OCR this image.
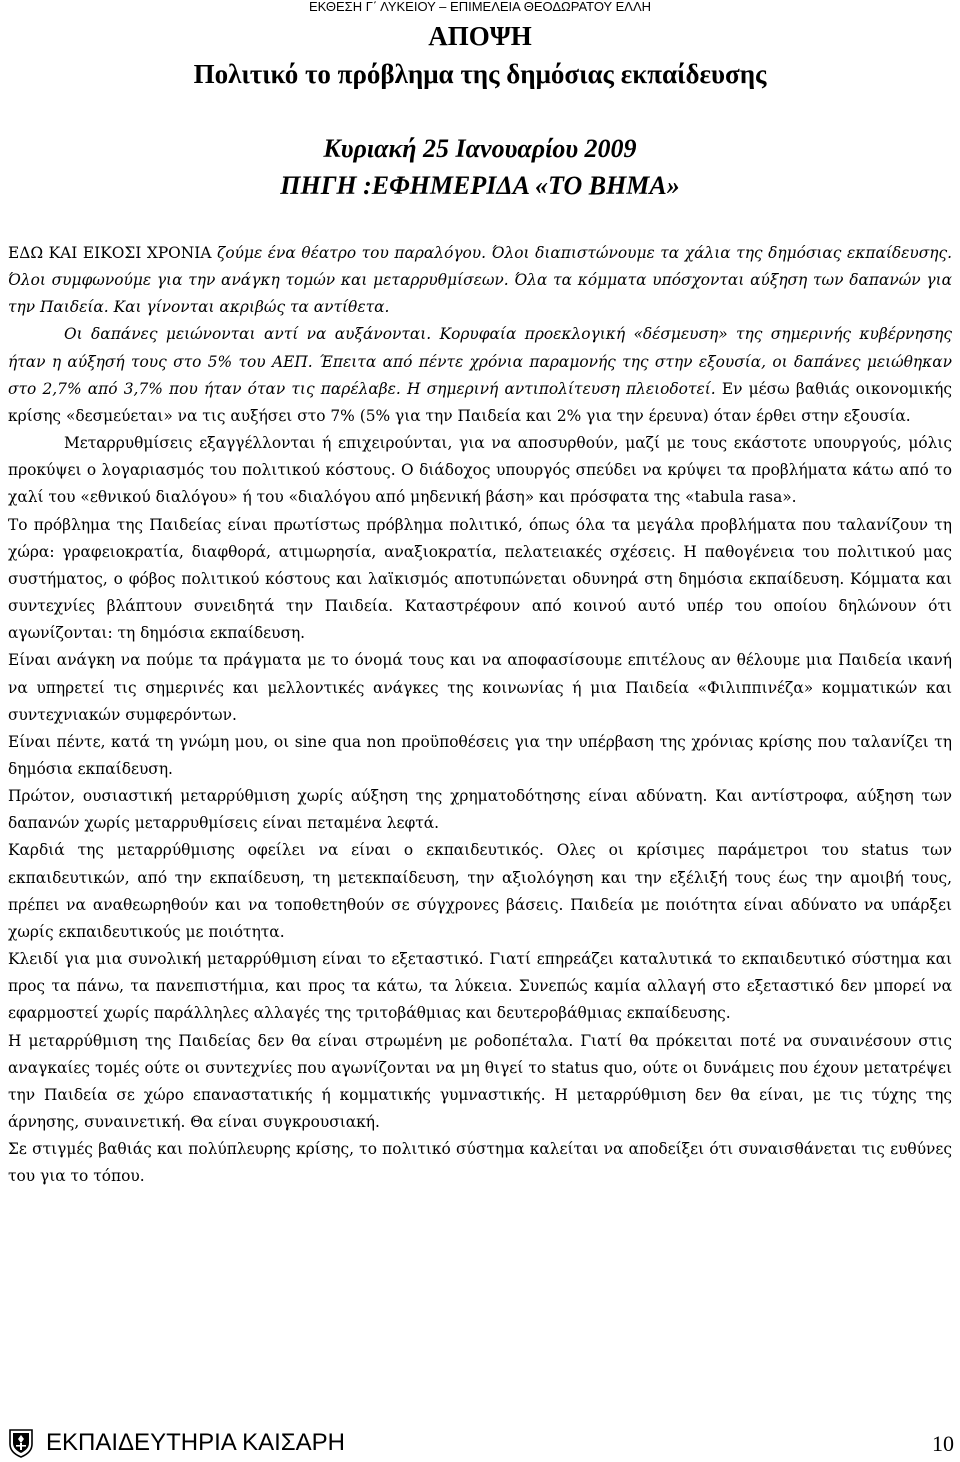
ΕΚΘΕΣΗ Γ΄ ΛΥΚΕΙΟΥ – ΕΠΙΜΕΛΕΙΑ ΘΕΟΔΩΡΑΤΟΥ ΕΛΛΗ
ΑΠΟΨΗ
Πολιτικό το πρόβλημα της δημόσιας εκπαίδευσης
Κυριακή 25 Ιανουαρίου 2009
ΠΗΓΗ :ΕΦΗΜΕΡΙΔΑ «ΤΟ ΒΗΜΑ»

ΕΔΩ ΚΑΙ ΕΙΚΟΣΙ ΧΡΟΝΙΑ ζούμε ένα θέατρο του παραλόγου. Όλοι διαπιστώνουμε τα χάλια της δημόσιας εκπαίδευσης. Όλοι συμφωνούμε για την ανάγκη τομών και μεταρρυθμίσεων. Όλα τα κόμματα υπόσχονται αύξηση των δαπανών για την Παιδεία. Και γίνονται ακριβώς τα αντίθετα.

Οι δαπάνες μειώνονται αντί να αυξάνονται. Κορυφαία προεκλογική «δέσμευση» της σημερινής κυβέρνησης ήταν η αύξησή τους στο 5% του ΑΕΠ. Έπειτα από πέντε χρόνια παραμονής της στην εξουσία, οι δαπάνες μειώθηκαν στο 2,7% από 3,7% που ήταν όταν τις παρέλαβε. Η σημερινή αντιπολίτευση πλειοδοτεί. Εν μέσω βαθιάς οικονομικής κρίσης «δεσμεύεται» να τις αυξήσει στο 7% (5% για την Παιδεία και 2% για την έρευνα) όταν έρθει στην εξουσία.

Μεταρρυθμίσεις εξαγγέλλονται ή επιχειρούνται, για να αποσυρθούν, μαζί με τους εκάστοτε υπουργούς, μόλις προκύψει ο λογαριασμός του πολιτικού κόστους. Ο διάδοχος υπουργός σπεύδει να κρύψει τα προβλήματα κάτω από το χαλί του «εθνικού διαλόγου» ή του «διαλόγου από μηδενική βάση» και πρόσφατα της «tabula rasa».

Το πρόβλημα της Παιδείας είναι πρωτίστως πρόβλημα πολιτικό, όπως όλα τα μεγάλα προβλήματα που ταλανίζουν τη χώρα: γραφειοκρατία, διαφθορά, ατιμωρησία, αναξιοκρατία, πελατειακές σχέσεις. Η παθογένεια του πολιτικού μας συστήματος, ο φόβος πολιτικού κόστους και λαϊκισμός αποτυπώνεται οδυνηρά στη δημόσια εκπαίδευση. Κόμματα και συντεχνίες βλάπτουν συνειδητά την Παιδεία. Καταστρέφουν από κοινού αυτό υπέρ του οποίου δηλώνουν ότι αγωνίζονται: τη δημόσια εκπαίδευση.

Είναι ανάγκη να πούμε τα πράγματα με το όνομά τους και να αποφασίσουμε επιτέλους αν θέλουμε μια Παιδεία ικανή να υπηρετεί τις σημερινές και μελλοντικές ανάγκες της κοινωνίας ή μια Παιδεία «Φιλιππινέζα» κομματικών και συντεχνιακών συμφερόντων.

Είναι πέντε, κατά τη γνώμη μου, οι sine qua non προϋποθέσεις για την υπέρβαση της χρόνιας κρίσης που ταλανίζει τη δημόσια εκπαίδευση.

Πρώτον, ουσιαστική μεταρρύθμιση χωρίς αύξηση της χρηματοδότησης είναι αδύνατη. Και αντίστροφα, αύξηση των δαπανών χωρίς μεταρρυθμίσεις είναι πεταμένα λεφτά.

Καρδιά της μεταρρύθμισης οφείλει να είναι ο εκπαιδευτικός. Ολες οι κρίσιμες παράμετροι του status των εκπαιδευτικών, από την εκπαίδευση, τη μετεκπαίδευση, την αξιολόγηση και την εξέλιξή τους έως την αμοιβή τους, πρέπει να αναθεωρηθούν και να τοποθετηθούν σε σύγχρονες βάσεις. Παιδεία με ποιότητα είναι αδύνατο να υπάρξει χωρίς εκπαιδευτικούς με ποιότητα.

Κλειδί για μια συνολική μεταρρύθμιση είναι το εξεταστικό. Γιατί επηρεάζει καταλυτικά το εκπαιδευτικό σύστημα και προς τα πάνω, τα πανεπιστήμια, και προς τα κάτω, τα λύκεια. Συνεπώς καμία αλλαγή στο εξεταστικό δεν μπορεί να εφαρμοστεί χωρίς παράλληλες αλλαγές της τριτοβάθμιας και δευτεροβάθμιας εκπαίδευσης.

Η μεταρρύθμιση της Παιδείας δεν θα είναι στρωμένη με ροδοπέταλα. Γιατί θα πρόκειται ποτέ να συναινέσουν στις αναγκαίες τομές ούτε οι συντεχνίες που αγωνίζονται να μη θιγεί το status quo, ούτε οι δυνάμεις που έχουν μετατρέψει την Παιδεία σε χώρο επαναστατικής ή κομματικής γυμναστικής. Η μεταρρύθμιση δεν θα είναι, με τις τύχης της άρνησης, συναινετική. Θα είναι συγκρουσιακή.

Σε στιγμές βαθιάς και πολύπλευρης κρίσης, το πολιτικό σύστημα καλείται να αποδείξει ότι συναισθάνεται τις ευθύνες του για το τόπου.

ΕΚΠΑΙΔΕΥΤΗΡΙΑ ΚΑΙΣΑΡΗ	10
